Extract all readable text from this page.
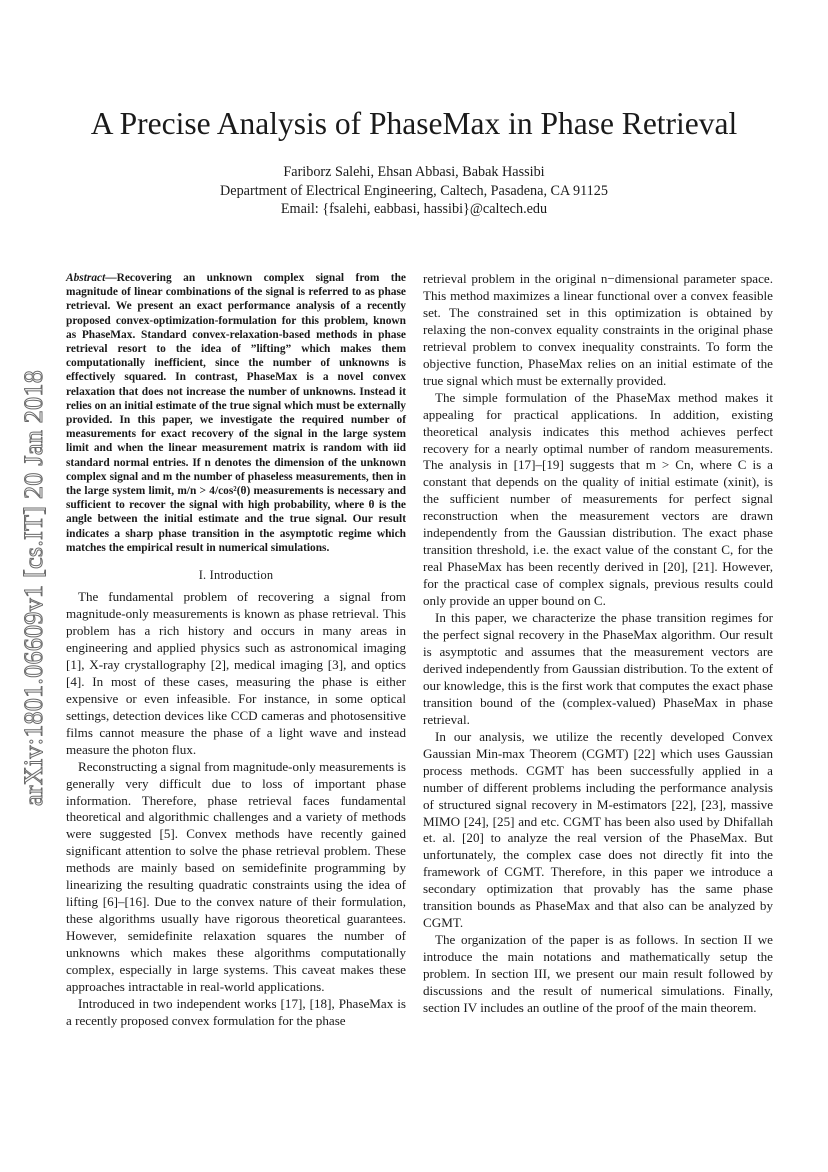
arXiv:1801.06609v1 [cs.IT] 20 Jan 2018
A Precise Analysis of PhaseMax in Phase Retrieval
Fariborz Salehi, Ehsan Abbasi, Babak Hassibi
Department of Electrical Engineering, Caltech, Pasadena, CA 91125
Email: {fsalehi, eabbasi, hassibi}@caltech.edu

Abstract—Recovering an unknown complex signal from the magnitude of linear combinations of the signal is referred to as phase retrieval. We present an exact performance analysis of a recently proposed convex-optimization-formulation for this problem, known as PhaseMax. Standard convex-relaxation-based methods in phase retrieval resort to the idea of ”lifting” which makes them computationally inefficient, since the number of unknowns is effectively squared. In contrast, PhaseMax is a novel convex relaxation that does not increase the number of unknowns. Instead it relies on an initial estimate of the true signal which must be externally provided. In this paper, we investigate the required number of measurements for exact recovery of the signal in the large system limit and when the linear measurement matrix is random with iid standard normal entries. If n denotes the dimension of the unknown complex signal and m the number of phaseless measurements, then in the large system limit, m/n > 4/cos²(θ) measurements is necessary and sufficient to recover the signal with high probability, where θ is the angle between the initial estimate and the true signal. Our result indicates a sharp phase transition in the asymptotic regime which matches the empirical result in numerical simulations.

I. Introduction

The fundamental problem of recovering a signal from magnitude-only measurements is known as phase retrieval. This problem has a rich history and occurs in many areas in engineering and applied physics such as astronomical imaging [1], X-ray crystallography [2], medical imaging [3], and optics [4]. In most of these cases, measuring the phase is either expensive or even infeasible. For instance, in some optical settings, detection devices like CCD cameras and photosensitive films cannot measure the phase of a light wave and instead measure the photon flux.

Reconstructing a signal from magnitude-only measurements is generally very difficult due to loss of important phase information. Therefore, phase retrieval faces fundamental theoretical and algorithmic challenges and a variety of methods were suggested [5]. Convex methods have recently gained significant attention to solve the phase retrieval problem. These methods are mainly based on semidefinite programming by linearizing the resulting quadratic constraints using the idea of lifting [6]–[16]. Due to the convex nature of their formulation, these algorithms usually have rigorous theoretical guarantees. However, semidefinite relaxation squares the number of unknowns which makes these algorithms computationally complex, especially in large systems. This caveat makes these approaches intractable in real-world applications.

Introduced in two independent works [17], [18], PhaseMax is a recently proposed convex formulation for the phase

retrieval problem in the original n−dimensional parameter space. This method maximizes a linear functional over a convex feasible set. The constrained set in this optimization is obtained by relaxing the non-convex equality constraints in the original phase retrieval problem to convex inequality constraints. To form the objective function, PhaseMax relies on an initial estimate of the true signal which must be externally provided.

The simple formulation of the PhaseMax method makes it appealing for practical applications. In addition, existing theoretical analysis indicates this method achieves perfect recovery for a nearly optimal number of random measurements. The analysis in [17]–[19] suggests that m > Cn, where C is a constant that depends on the quality of initial estimate (xinit), is the sufficient number of measurements for perfect signal reconstruction when the measurement vectors are drawn independently from the Gaussian distribution. The exact phase transition threshold, i.e. the exact value of the constant C, for the real PhaseMax has been recently derived in [20], [21]. However, for the practical case of complex signals, previous results could only provide an upper bound on C.

In this paper, we characterize the phase transition regimes for the perfect signal recovery in the PhaseMax algorithm. Our result is asymptotic and assumes that the measurement vectors are derived independently from Gaussian distribution. To the extent of our knowledge, this is the first work that computes the exact phase transition bound of the (complex-valued) PhaseMax in phase retrieval.

In our analysis, we utilize the recently developed Convex Gaussian Min-max Theorem (CGMT) [22] which uses Gaussian process methods. CGMT has been successfully applied in a number of different problems including the performance analysis of structured signal recovery in M-estimators [22], [23], massive MIMO [24], [25] and etc. CGMT has been also used by Dhifallah et. al. [20] to analyze the real version of the PhaseMax. But unfortunately, the complex case does not directly fit into the framework of CGMT. Therefore, in this paper we introduce a secondary optimization that provably has the same phase transition bounds as PhaseMax and that also can be analyzed by CGMT.

The organization of the paper is as follows. In section II we introduce the main notations and mathematically setup the problem. In section III, we present our main result followed by discussions and the result of numerical simulations. Finally, section IV includes an outline of the proof of the main theorem.
